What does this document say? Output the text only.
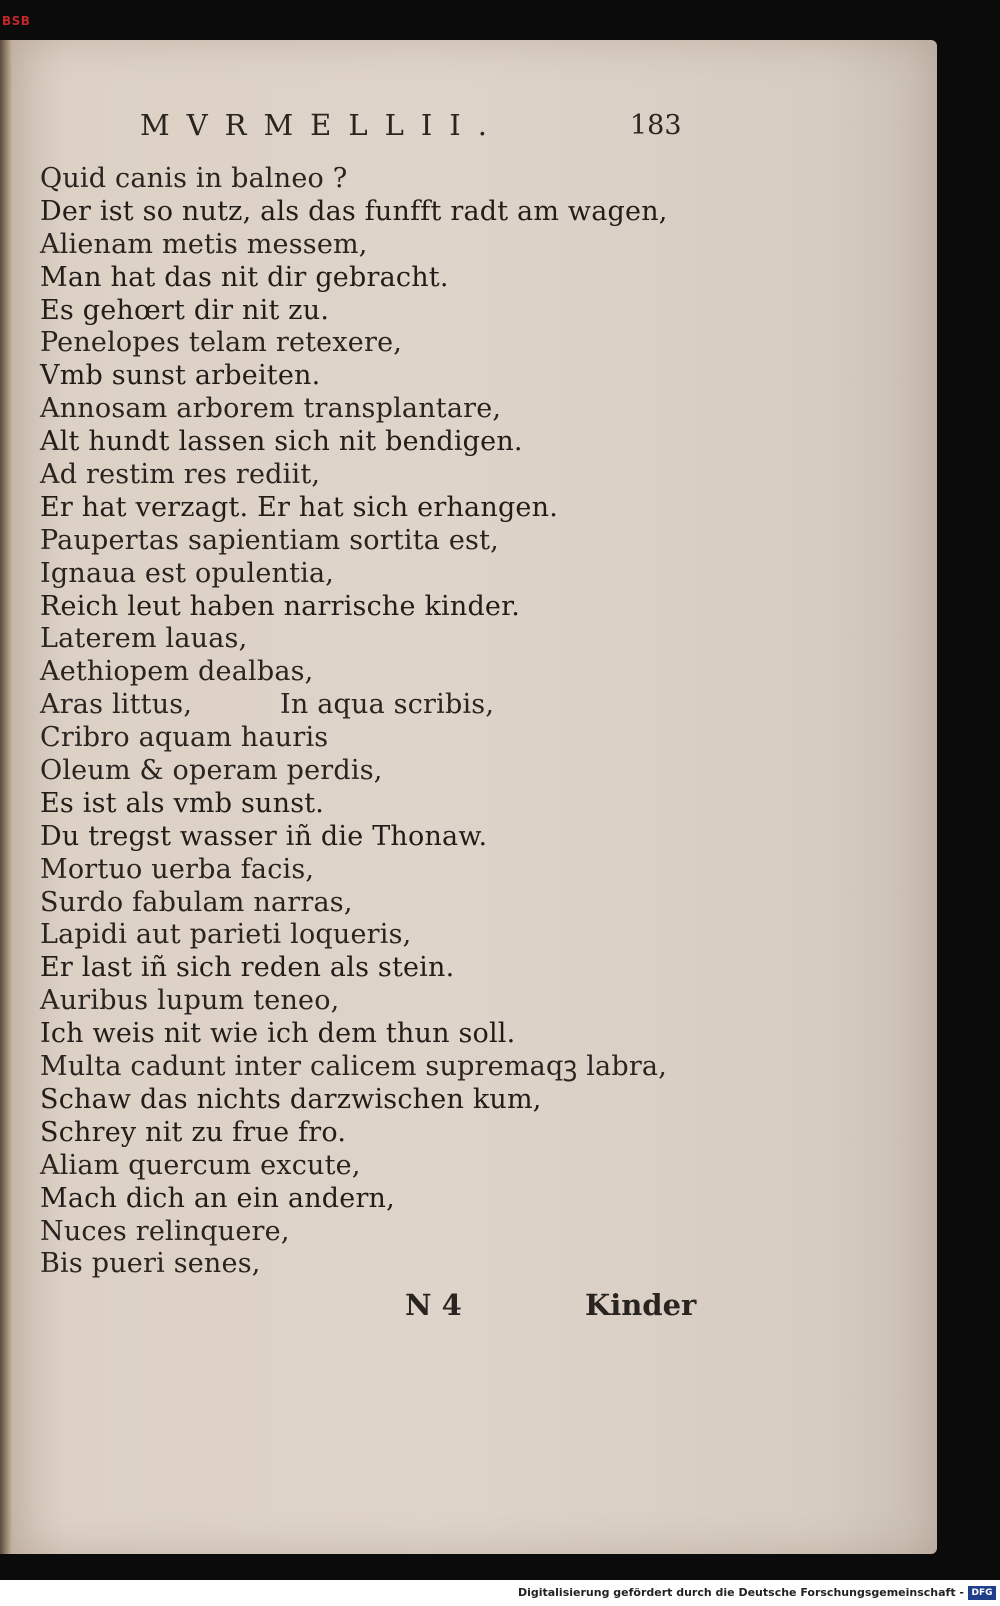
BSB
MVRMELLII.	183
Quid canis in balneo ?
Der ist so nutz, als das funfft radt am wagen,
Alienam metis messem,
Man hat das nit dir gebracht.
Es gehœrt dir nit zu.
Penelopes telam retexere,
Vmb sunst arbeiten.
Annosam arborem transplantare,
Alt hundt lassen sich nit bendigen.
Ad restim res rediit,
Er hat verzagt. Er hat sich erhangen.
Paupertas sapientiam sortita est,
Ignaua est opulentia,
Reich leut haben narrische kinder.
Laterem lauas,
Aethiopem dealbas,
Aras littus,          In aqua scribis,
Cribro aquam hauris
Oleum & operam perdis,
Es ist als vmb sunst.
Du tregst wasser iñ die Thonaw.
Mortuo uerba facis,
Surdo fabulam narras,
Lapidi aut parieti loqueris,
Er last iñ sich reden als stein.
Auribus lupum teneo,
Ich weis nit wie ich dem thun soll.
Multa cadunt inter calicem supremaqꝫ labra,
Schaw das nichts darzwischen kum,
Schrey nit zu frue fro.
Aliam quercum excute,
Mach dich an ein andern,
Nuces relinquere,
Bis pueri senes,
N 4	Kinder
Digitalisierung gefördert durch die Deutsche Forschungsgemeinschaft - DFG
